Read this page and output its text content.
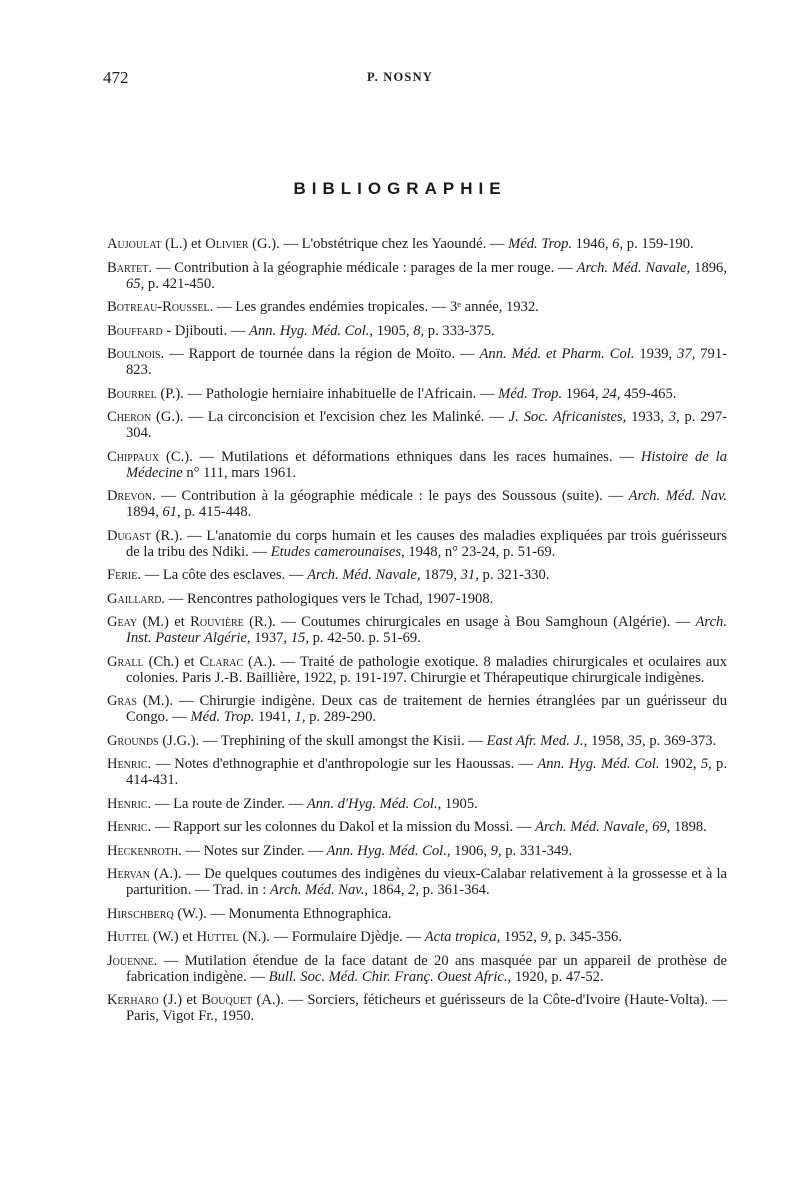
472	P. NOSNY
BIBLIOGRAPHIE
Aujoulat (L.) et Olivier (G.). — L'obstétrique chez les Yaoundé. — Méd. Trop. 1946, 6, p. 159-190.
Bartet. — Contribution à la géographie médicale : parages de la mer rouge. — Arch. Méd. Navale, 1896, 65, p. 421-450.
Botreau-Roussel. — Les grandes endémies tropicales. — 3ᵉ année, 1932.
Bouffard - Djibouti. — Ann. Hyg. Méd. Col., 1905, 8, p. 333-375.
Boulnois. — Rapport de tournée dans la région de Moïto. — Ann. Méd. et Pharm. Col. 1939, 37, 791-823.
Bourrel (P.). — Pathologie herniaire inhabituelle de l'Africain. — Méd. Trop. 1964, 24, 459-465.
Cheron (G.). — La circoncision et l'excision chez les Malinké. — J. Soc. Africanistes, 1933, 3, p. 297-304.
Chippaux (C.). — Mutilations et déformations ethniques dans les races humaines. — Histoire de la Médecine n° 111, mars 1961.
Drevon. — Contribution à la géographie médicale : le pays des Soussous (suite). — Arch. Méd. Nav. 1894, 61, p. 415-448.
Dugast (R.). — L'anatomie du corps humain et les causes des maladies expliquées par trois guérisseurs de la tribu des Ndiki. — Etudes camerounaises, 1948, n° 23-24, p. 51-69.
Ferie. — La côte des esclaves. — Arch. Méd. Navale, 1879, 31, p. 321-330.
Gaillard. — Rencontres pathologiques vers le Tchad, 1907-1908.
Geay (M.) et Rouvière (R.). — Coutumes chirurgicales en usage à Bou Samghoun (Algérie). — Arch. Inst. Pasteur Algérie, 1937, 15, p. 42-50. p. 51-69.
Grall (Ch.) et Clarac (A.). — Traité de pathologie exotique. 8 maladies chirurgicales et oculaires aux colonies. Paris J.-B. Baillière, 1922, p. 191-197. Chirurgie et Thérapeutique chirurgicale indigènes.
Gras (M.). — Chirurgie indigène. Deux cas de traitement de hernies étranglées par un guérisseur du Congo. — Méd. Trop. 1941, 1, p. 289-290.
Grounds (J.G.). — Trephining of the skull amongst the Kisii. — East Afr. Med. J., 1958, 35, p. 369-373.
Henric. — Notes d'ethnographie et d'anthropologie sur les Haoussas. — Ann. Hyg. Méd. Col. 1902, 5, p. 414-431.
Henric. — La route de Zinder. — Ann. d'Hyg. Méd. Col., 1905.
Henric. — Rapport sur les colonnes du Dakol et la mission du Mossi. — Arch. Méd. Navale, 69, 1898.
Heckenroth. — Notes sur Zinder. — Ann. Hyg. Méd. Col., 1906, 9, p. 331-349.
Hervan (A.). — De quelques coutumes des indigènes du vieux-Calabar relativement à la grossesse et à la parturition. — Trad. in : Arch. Méd. Nav., 1864, 2, p. 361-364.
Hirschberq (W.). — Monumenta Ethnographica.
Huttel (W.) et Huttel (N.). — Formulaire Djèdje. — Acta tropica, 1952, 9, p. 345-356.
Jouenne. — Mutilation étendue de la face datant de 20 ans masquée par un appareil de prothèse de fabrication indigène. — Bull. Soc. Méd. Chir. Franç. Ouest Afric., 1920, p. 47-52.
Kerharo (J.) et Bouquet (A.). — Sorciers, féticheurs et guérisseurs de la Côte-d'Ivoire (Haute-Volta). — Paris, Vigot Fr., 1950.
